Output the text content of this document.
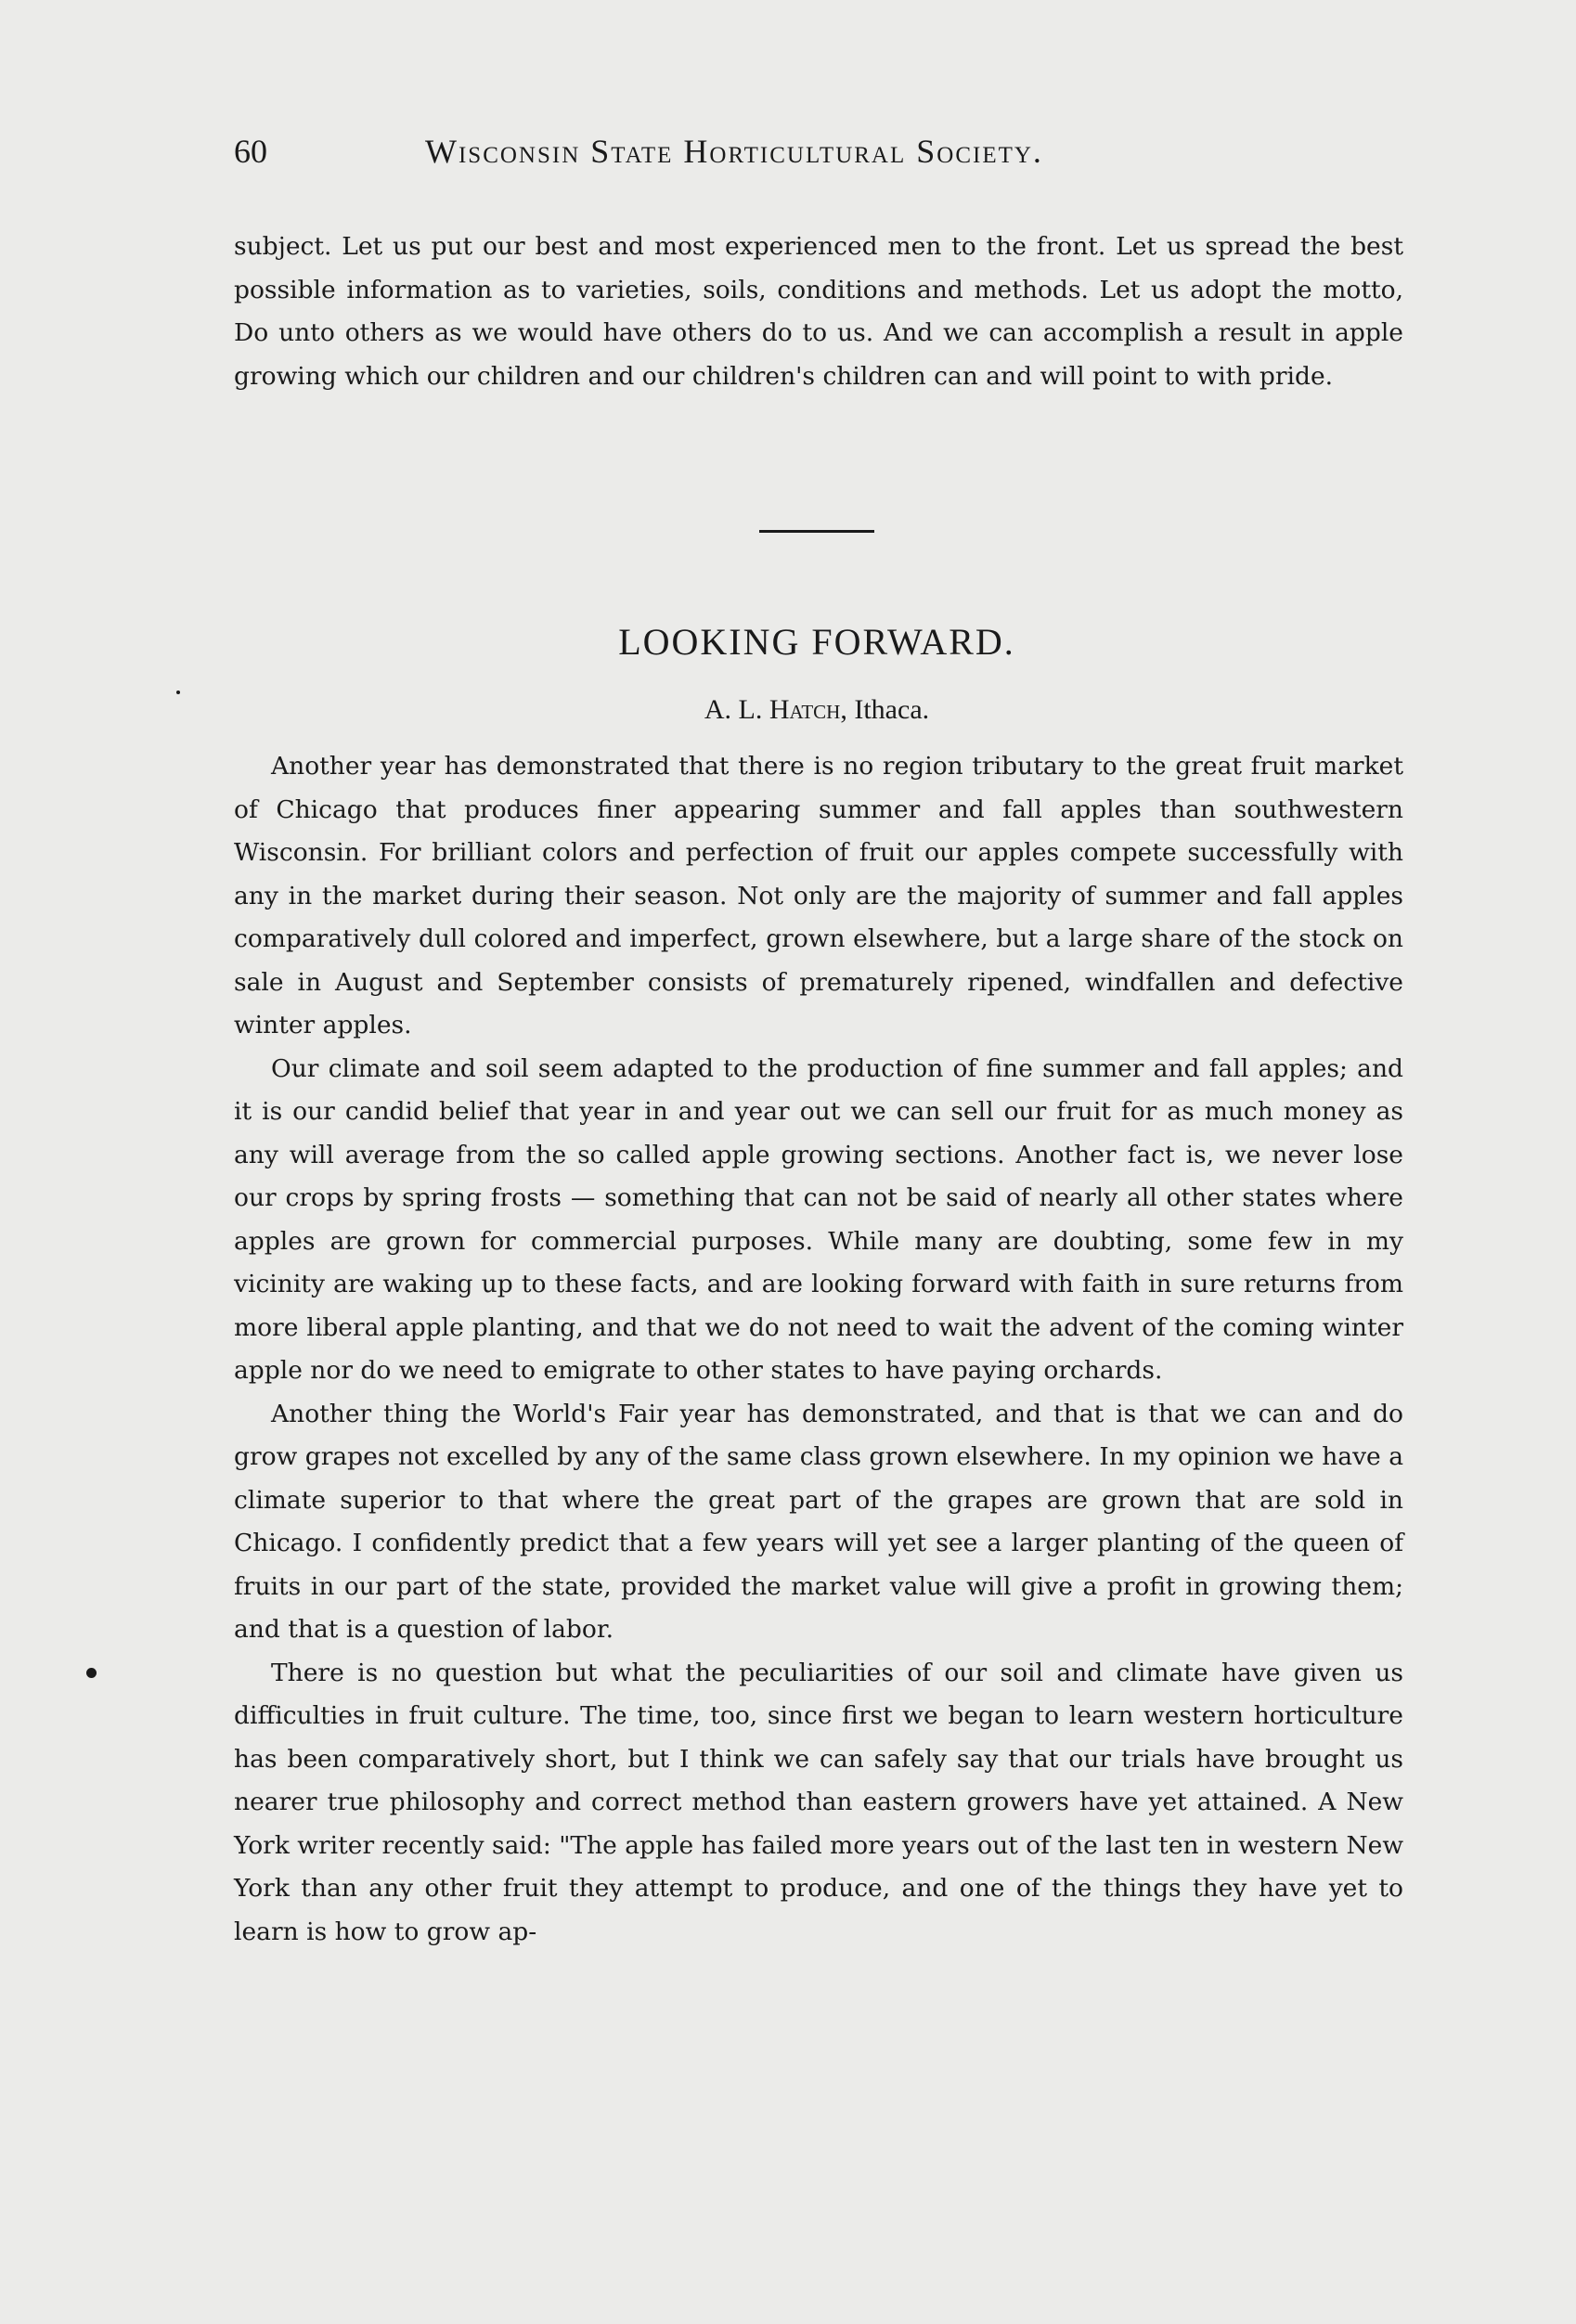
60	Wisconsin State Horticultural Society.

subject. Let us put our best and most experienced men to the front. Let us spread the best possible information as to varieties, soils, conditions and methods. Let us adopt the motto, Do unto others as we would have others do to us. And we can accomplish a result in apple growing which our children and our children's children can and will point to with pride.

LOOKING FORWARD.
A. L. Hatch, Ithaca.

Another year has demonstrated that there is no region tributary to the great fruit market of Chicago that produces finer appearing summer and fall apples than southwestern Wisconsin. For brilliant colors and perfection of fruit our apples compete successfully with any in the market during their season. Not only are the majority of summer and fall apples comparatively dull colored and imperfect, grown elsewhere, but a large share of the stock on sale in August and September consists of prematurely ripened, windfallen and defective winter apples.

Our climate and soil seem adapted to the production of fine summer and fall apples; and it is our candid belief that year in and year out we can sell our fruit for as much money as any will average from the so called apple growing sections. Another fact is, we never lose our crops by spring frosts — something that can not be said of nearly all other states where apples are grown for commercial purposes. While many are doubting, some few in my vicinity are waking up to these facts, and are looking forward with faith in sure returns from more liberal apple planting, and that we do not need to wait the advent of the coming winter apple nor do we need to emigrate to other states to have paying orchards.

Another thing the World's Fair year has demonstrated, and that is that we can and do grow grapes not excelled by any of the same class grown elsewhere. In my opinion we have a climate superior to that where the great part of the grapes are grown that are sold in Chicago. I confidently predict that a few years will yet see a larger planting of the queen of fruits in our part of the state, provided the market value will give a profit in growing them; and that is a question of labor.

There is no question but what the peculiarities of our soil and climate have given us difficulties in fruit culture. The time, too, since first we began to learn western horticulture has been comparatively short, but I think we can safely say that our trials have brought us nearer true philosophy and correct method than eastern growers have yet attained. A New York writer recently said: "The apple has failed more years out of the last ten in western New York than any other fruit they attempt to produce, and one of the things they have yet to learn is how to grow ap-
